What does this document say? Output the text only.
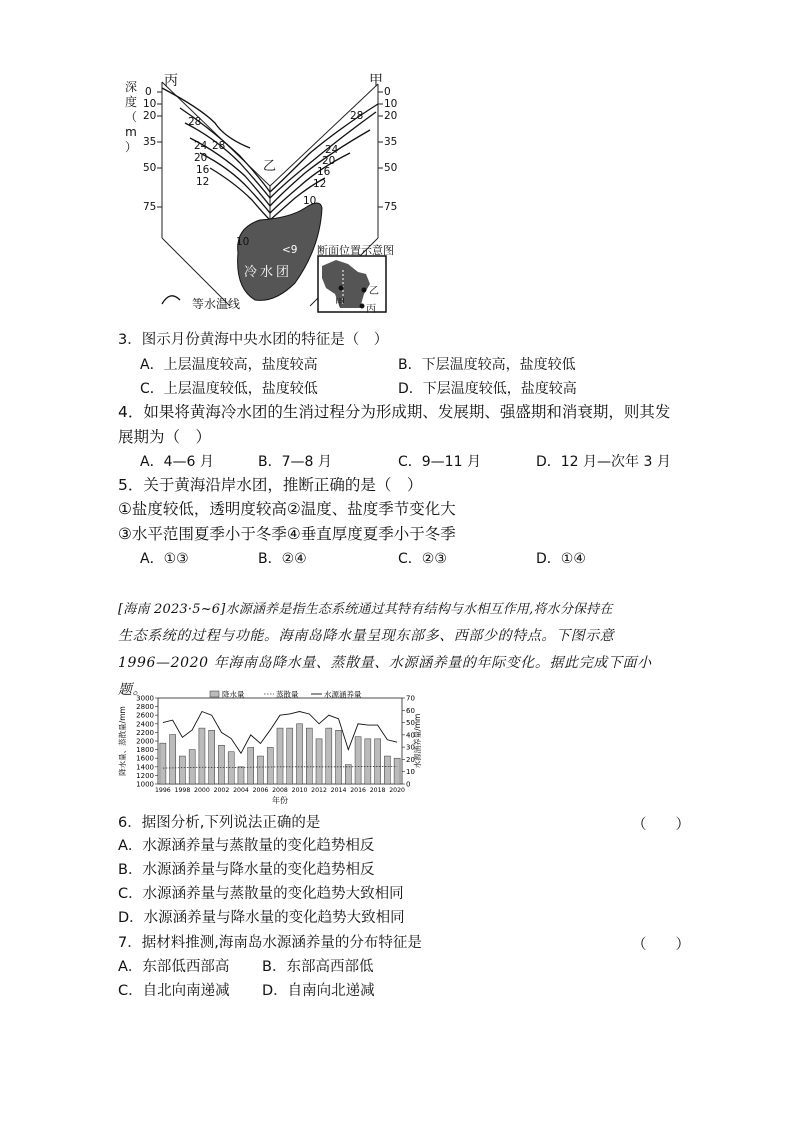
丙	甲
乙
深
度
（
m
）
0
10
20
35
50
75
0
10
20
35
50
75
28
28
24
20
16
12
28
24
20
16
12
10
10
<9
冷水团
断面位置示意图
乙
甲
丙
等水温线
3．图示月份黄海中央水团的特征是（　）
A．上层温度较高，盐度较高	B．下层温度较高，盐度较低
C．上层温度较低，盐度较低	D．下层温度较低，盐度较高
4．如果将黄海冷水团的生消过程分为形成期、发展期、强盛期和消衰期，则其发
展期为（　）
A．4—6 月	B．7—8 月	C．9—11 月	D．12 月—次年 3 月
5．关于黄海沿岸水团，推断正确的是（　）
①盐度较低，透明度较高②温度、盐度季节变化大
③水平范围夏季小于冬季④垂直厚度夏季小于冬季
A．①③	B．②④	C．②③	D．①④
[海南 2023·5~6]水源涵养是指生态系统通过其特有结构与水相互作用,将水分保持在
生态系统的过程与功能。海南岛降水量呈现东部多、西部少的特点。下图示意
1996—2020 年海南岛降水量、蒸散量、水源涵养量的年际变化。据此完成下面小
题。
1000
1200
1400
1600
1800
2000
2200
2400
2600
2800
3000
0
10
20
30
40
50
60
70
1996 1998 2000 2002 2004 2006 2008 2010 2012 2014 2016 2018 2020
年份
降水量、蒸散量/mm	水源涵养量/mm
降水量	蒸散量	水源涵养量
6．据图分析,下列说法正确的是	（　　）
A．水源涵养量与蒸散量的变化趋势相反
B．水源涵养量与降水量的变化趋势相反
C．水源涵养量与蒸散量的变化趋势大致相同
D．水源涵养量与降水量的变化趋势大致相同
7．据材料推测,海南岛水源涵养量的分布特征是	（　　）
A．东部低西部高 B．东部高西部低
C．自北向南递减 D．自南向北递减
